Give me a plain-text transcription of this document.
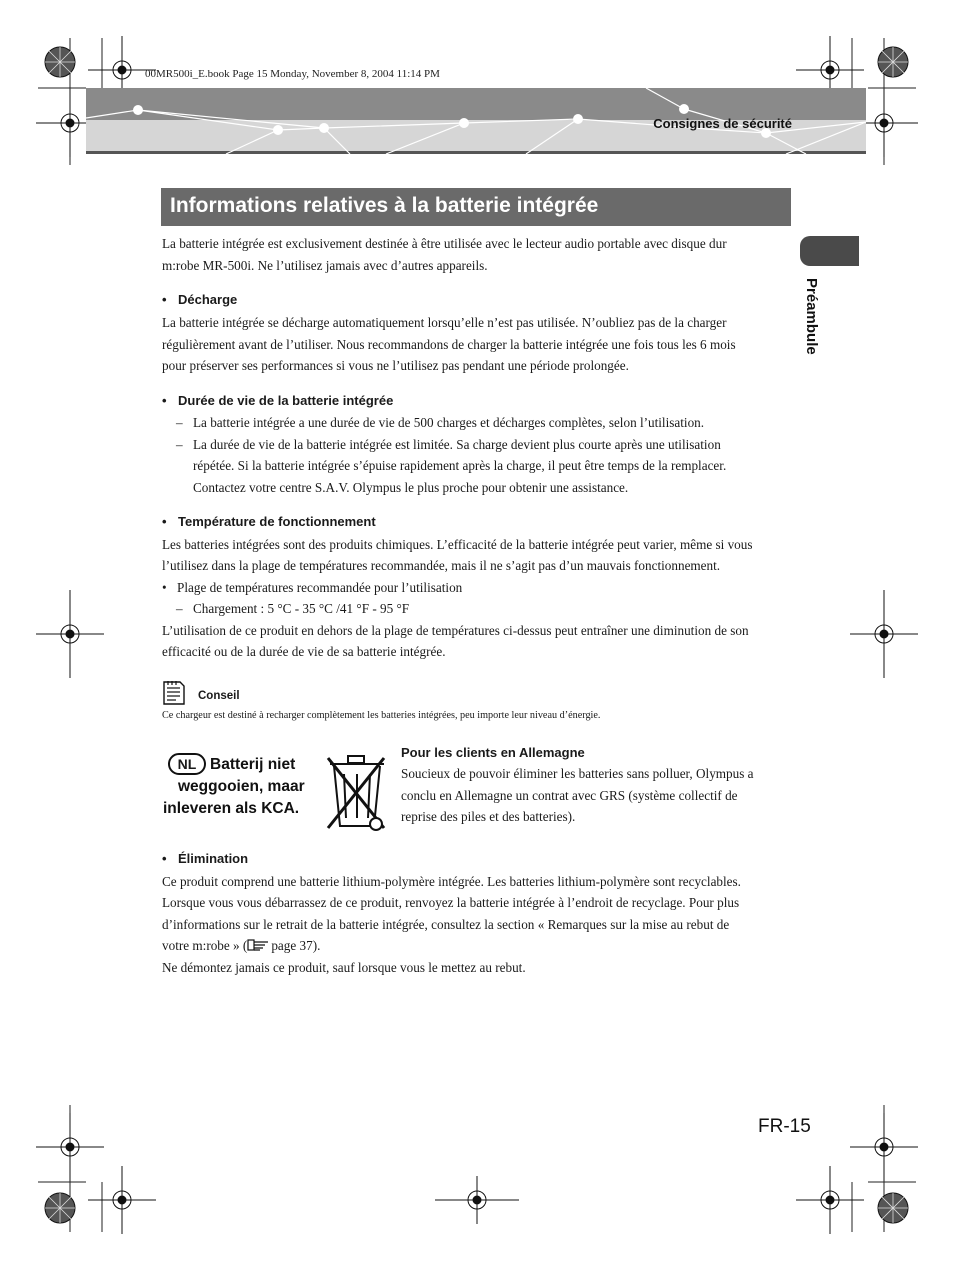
00MR500i_E.book Page 15 Monday, November 8, 2004 11:14 PM
Consignes de sécurité
Informations relatives à la batterie intégrée
Préambule
La batterie intégrée est exclusivement destinée à être utilisée avec le lecteur audio portable avec disque dur
m:robe MR-500i. Ne l’utilisez jamais avec d’autres appareils.
• Décharge
La batterie intégrée se décharge automatiquement lorsqu’elle n’est pas utilisée. N’oubliez pas de la charger
régulièrement avant de l’utiliser. Nous recommandons de charger la batterie intégrée une fois tous les 6 mois
pour préserver ses performances si vous ne l’utilisez pas pendant une période prolongée.
• Durée de vie de la batterie intégrée
– La batterie intégrée a une durée de vie de 500 charges et décharges complètes, selon l’utilisation.
– La durée de vie de la batterie intégrée est limitée. Sa charge devient plus courte après une utilisation
répétée. Si la batterie intégrée s’épuise rapidement après la charge, il peut être temps de la remplacer.
Contactez votre centre S.A.V. Olympus le plus proche pour obtenir une assistance.
• Température de fonctionnement
Les batteries intégrées sont des produits chimiques. L’efficacité de la batterie intégrée peut varier, même si vous
l’utilisez dans la plage de températures recommandée, mais il ne s’agit pas d’un mauvais fonctionnement.
• Plage de températures recommandée pour l’utilisation
– Chargement : 5 °C - 35 °C /41 °F - 95 °F
L’utilisation de ce produit en dehors de la plage de températures ci-dessus peut entraîner une diminution de son
efficacité ou de la durée de vie de sa batterie intégrée.
Conseil
Ce chargeur est destiné à recharger complètement les batteries intégrées, peu importe leur niveau d’énergie.
NL Batterij niet
weggooien, maar
inleveren als KCA.
Pour les clients en Allemagne
Soucieux de pouvoir éliminer les batteries sans polluer, Olympus a
conclu en Allemagne un contrat avec GRS (système collectif de
reprise des piles et des batteries).
• Élimination
Ce produit comprend une batterie lithium-polymère intégrée. Les batteries lithium-polymère sont recyclables.
Lorsque vous vous débarrassez de ce produit, renvoyez la batterie intégrée à l’endroit de recyclage. Pour plus
d’informations sur le retrait de la batterie intégrée, consultez la section « Remarques sur la mise au rebut de
votre m:robe » ( page 37).
Ne démontez jamais ce produit, sauf lorsque vous le mettez au rebut.
FR-15
